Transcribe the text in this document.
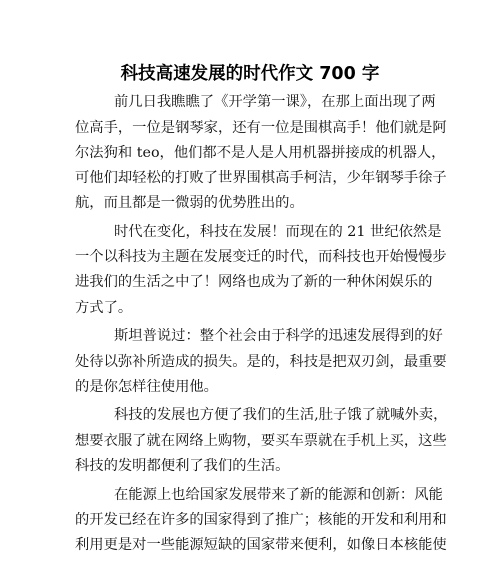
科技高速发展的时代作文 700 字
前几日我瞧瞧了《开学第一课》，在那上面出现了两
位高手，一位是钢琴家，还有一位是围棋高手！他们就是阿
尔法狗和 teo，他们都不是人是人用机器拼接成的机器人，
可他们却轻松的打败了世界围棋高手柯洁，少年钢琴手徐子
航，而且都是一微弱的优势胜出的。
时代在变化，科技在发展！而现在的 21 世纪依然是
一个以科技为主题在发展变迁的时代，而科技也开始慢慢步
进我们的生活之中了！网络也成为了新的一种休闲娱乐的
方式了。
斯坦普说过：整个社会由于科学的迅速发展得到的好
处待以弥补所造成的损失。是的，科技是把双刃剑，最重要
的是你怎样往使用他。
科技的发展也方便了我们的生活,肚子饿了就喊外卖，
想要衣服了就在网络上购物，要买车票就在手机上买，这些
科技的发明都便利了我们的生活。
在能源上也给国家发展带来了新的能源和创新：风能
的开发已经在许多的国家得到了推广；核能的开发和利用和
利用更是对一些能源短缺的国家带来便利，如像日本核能使
